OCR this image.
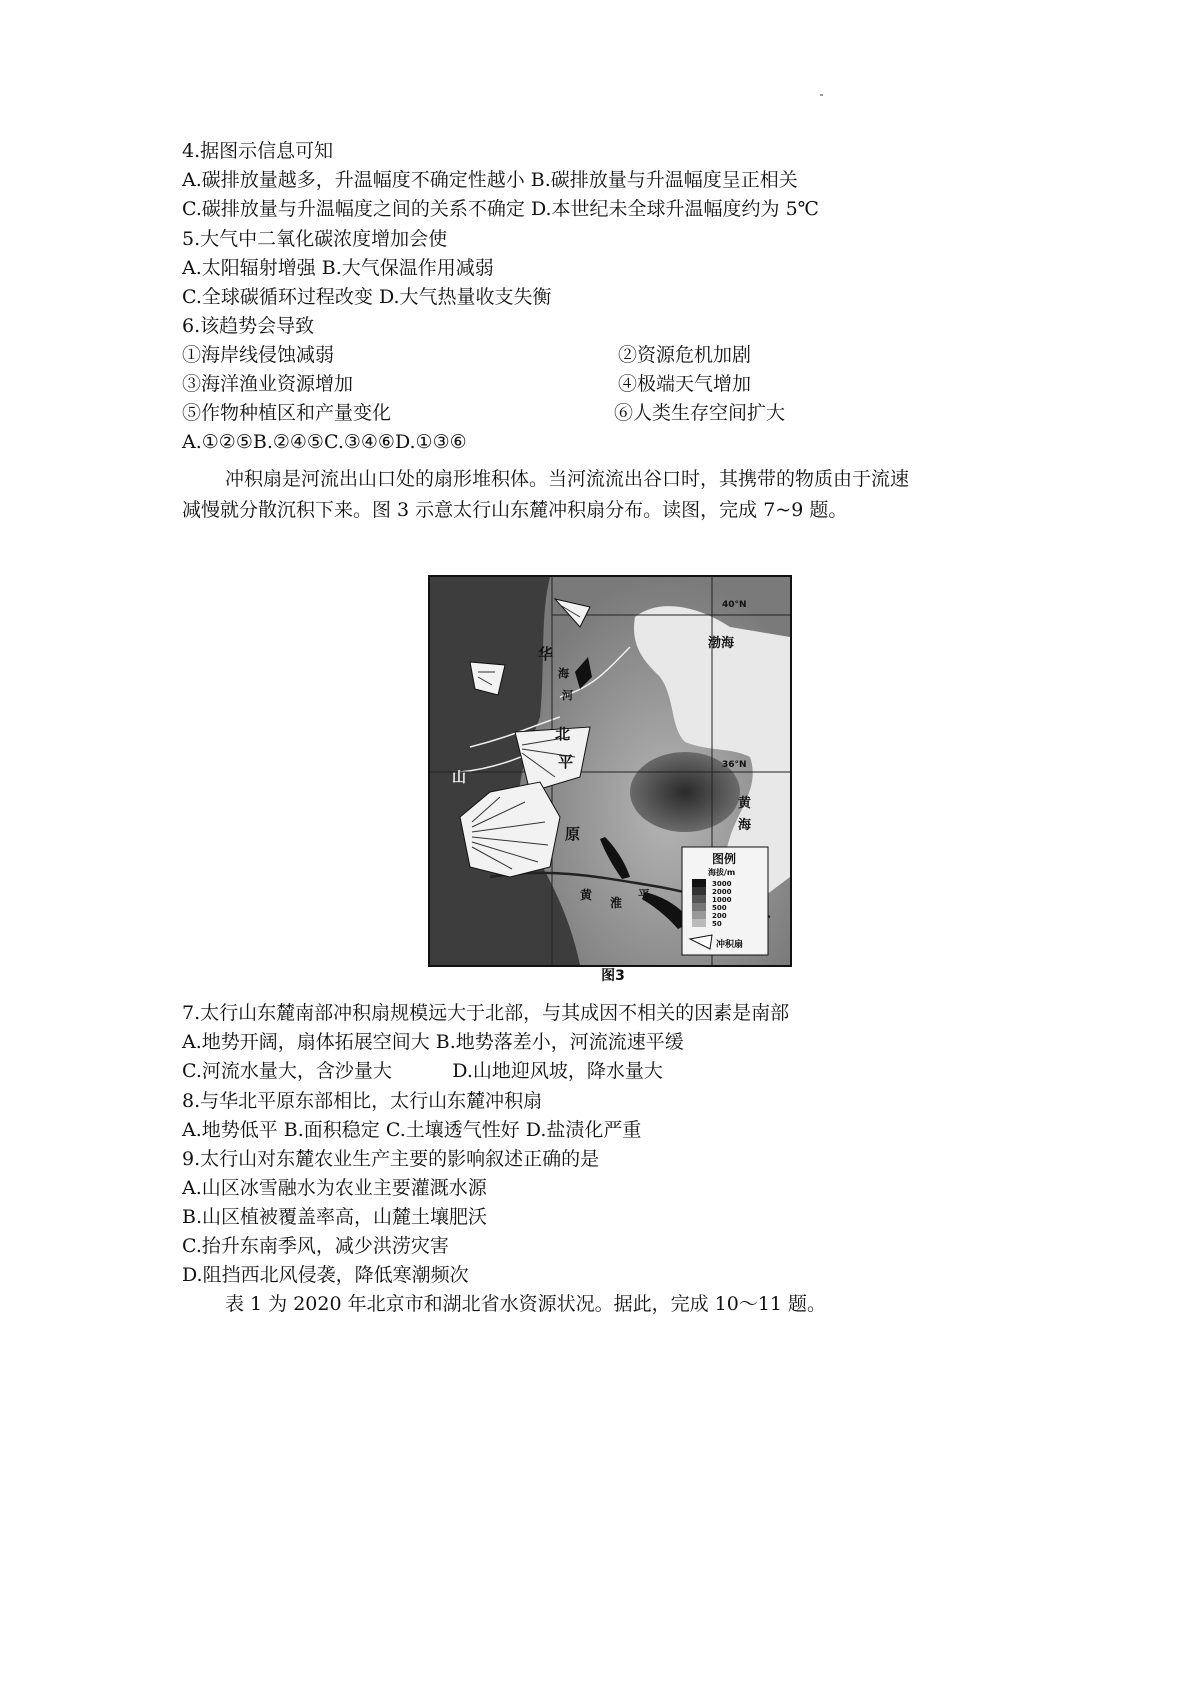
4.据图示信息可知
A.碳排放量越多，升温幅度不确定性越小 B.碳排放量与升温幅度呈正相关
C.碳排放量与升温幅度之间的关系不确定 D.本世纪未全球升温幅度约为 5℃
5.大气中二氧化碳浓度增加会使
A.太阳辐射增强 B.大气保温作用减弱
C.全球碳循环过程改变 D.大气热量收支失衡
6.该趋势会导致
①海岸线侵蚀减弱	②资源危机加剧
③海洋渔业资源增加	④极端天气增加
⑤作物种植区和产量变化	⑥人类生存空间扩大
A.①②⑤B.②④⑤C.③④⑥D.①③⑥
冲积扇是河流出山口处的扇形堆积体。当河流流出谷口时，其携带的物质由于流速
减慢就分散沉积下来。图 3 示意太行山东麓冲积扇分布。读图，完成 7~9 题。
华
北
平
原
海
河
渤海
黄
海
山
黄
淮
平
40°N
36°N
图例
海拔/m
3000
2000
1000
500
200
50
冲积扇
图3
7.太行山东麓南部冲积扇规模远大于北部，与其成因不相关的因素是南部
A.地势开阔，扇体拓展空间大 B.地势落差小，河流流速平缓
C.河流水量大，含沙量大          D.山地迎风坡，降水量大
8.与华北平原东部相比，太行山东麓冲积扇
A.地势低平 B.面积稳定 C.土壤透气性好 D.盐渍化严重
9.太行山对东麓农业生产主要的影响叙述正确的是
A.山区冰雪融水为农业主要灌溉水源
B.山区植被覆盖率高，山麓土壤肥沃
C.抬升东南季风，减少洪涝灾害
D.阻挡西北风侵袭，降低寒潮频次
表 1 为 2020 年北京市和湖北省水资源状况。据此，完成 10～11 题。
